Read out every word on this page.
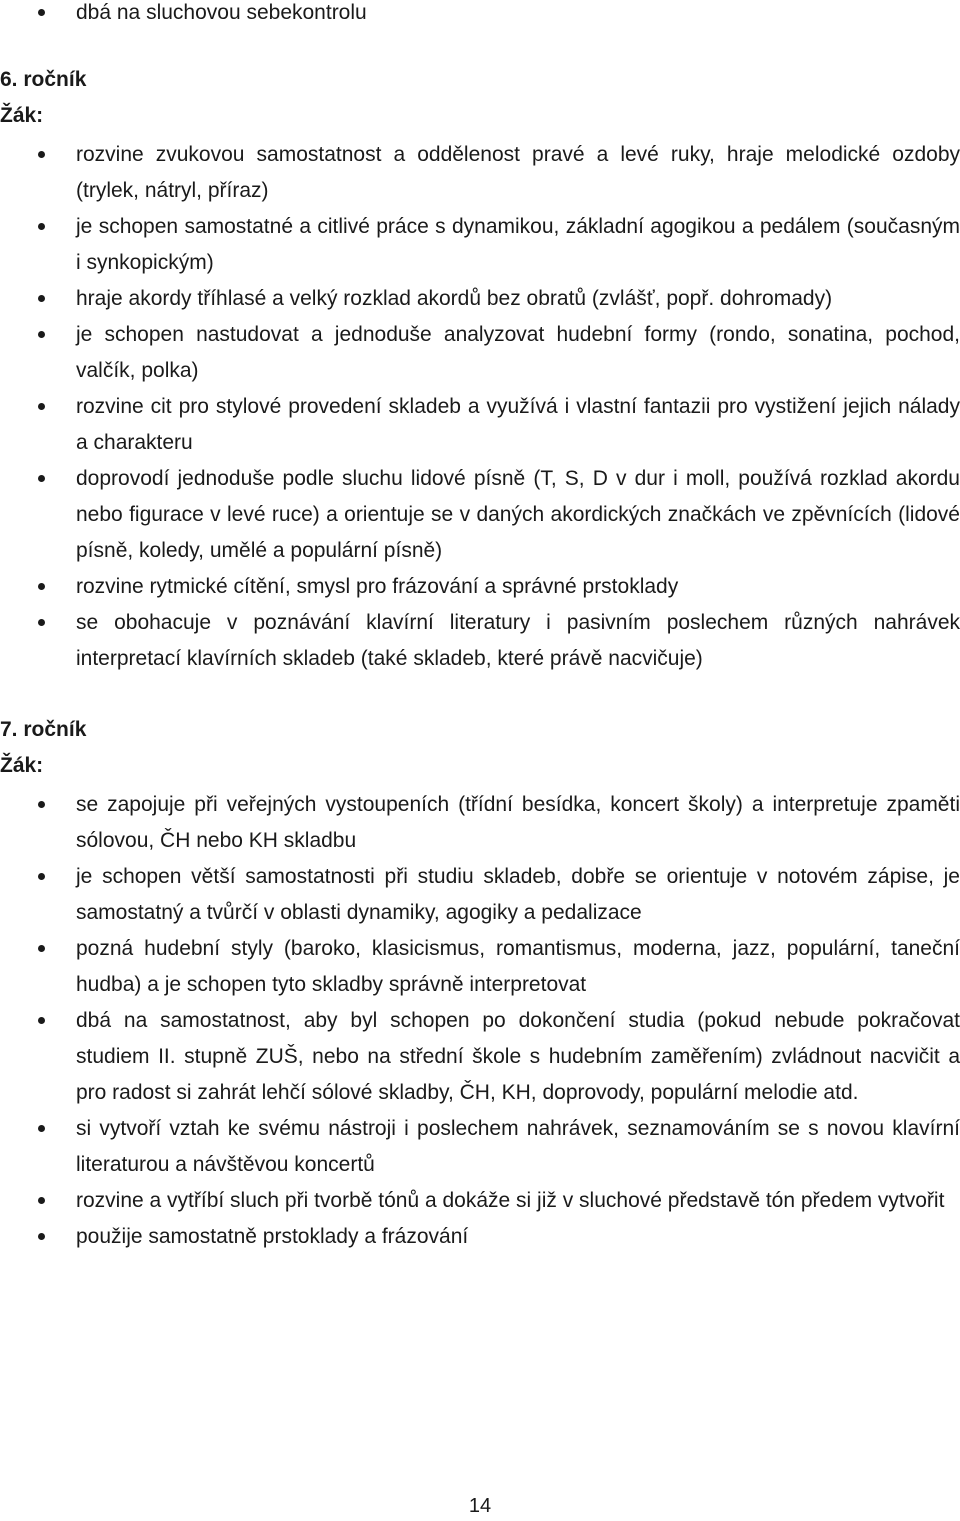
dbá na sluchovou sebekontrolu

6. ročník

Žák:

rozvine zvukovou samostatnost a oddělenost pravé a levé ruky, hraje melodické ozdoby (trylek, nátryl, příraz)
je schopen samostatné a citlivé práce s dynamikou, základní agogikou a pedálem (současným i synkopickým)
hraje akordy tříhlasé a velký rozklad akordů bez obratů (zvlášť, popř. dohromady)
je schopen nastudovat a jednoduše analyzovat hudební formy (rondo, sonatina, pochod, valčík, polka)
rozvine cit pro stylové provedení skladeb a využívá i vlastní fantazii pro vystižení jejich nálady a charakteru
doprovodí jednoduše podle sluchu lidové písně (T, S, D v dur i moll, používá rozklad akordu nebo figurace v levé ruce) a orientuje se v daných akordických značkách ve zpěvnících (lidové písně, koledy, umělé a populární písně)
rozvine rytmické cítění, smysl pro frázování a správné prstoklady
se obohacuje v poznávání klavírní literatury i pasivním poslechem různých nahrávek interpretací klavírních skladeb (také skladeb, které právě nacvičuje)

7. ročník

Žák:

se zapojuje při veřejných vystoupeních (třídní besídka, koncert školy) a interpretuje zpaměti sólovou, ČH nebo KH skladbu
je schopen větší samostatnosti při studiu skladeb, dobře se orientuje v notovém zápise, je samostatný a tvůrčí v oblasti dynamiky, agogiky a pedalizace
pozná hudební styly (baroko, klasicismus, romantismus, moderna, jazz, populární, taneční hudba) a je schopen tyto skladby správně interpretovat
dbá na samostatnost, aby byl schopen po dokončení studia (pokud nebude pokračovat studiem II. stupně ZUŠ, nebo na střední škole s hudebním zaměřením) zvládnout nacvičit a pro radost si zahrát lehčí sólové skladby, ČH, KH, doprovody, populární melodie atd.
si vytvoří vztah ke svému nástroji i poslechem nahrávek, seznamováním se s novou klavírní literaturou a návštěvou koncertů
rozvine a vytříbí sluch při tvorbě tónů a dokáže si již v sluchové představě tón předem vytvořit
použije samostatně prstoklady a frázování
14
